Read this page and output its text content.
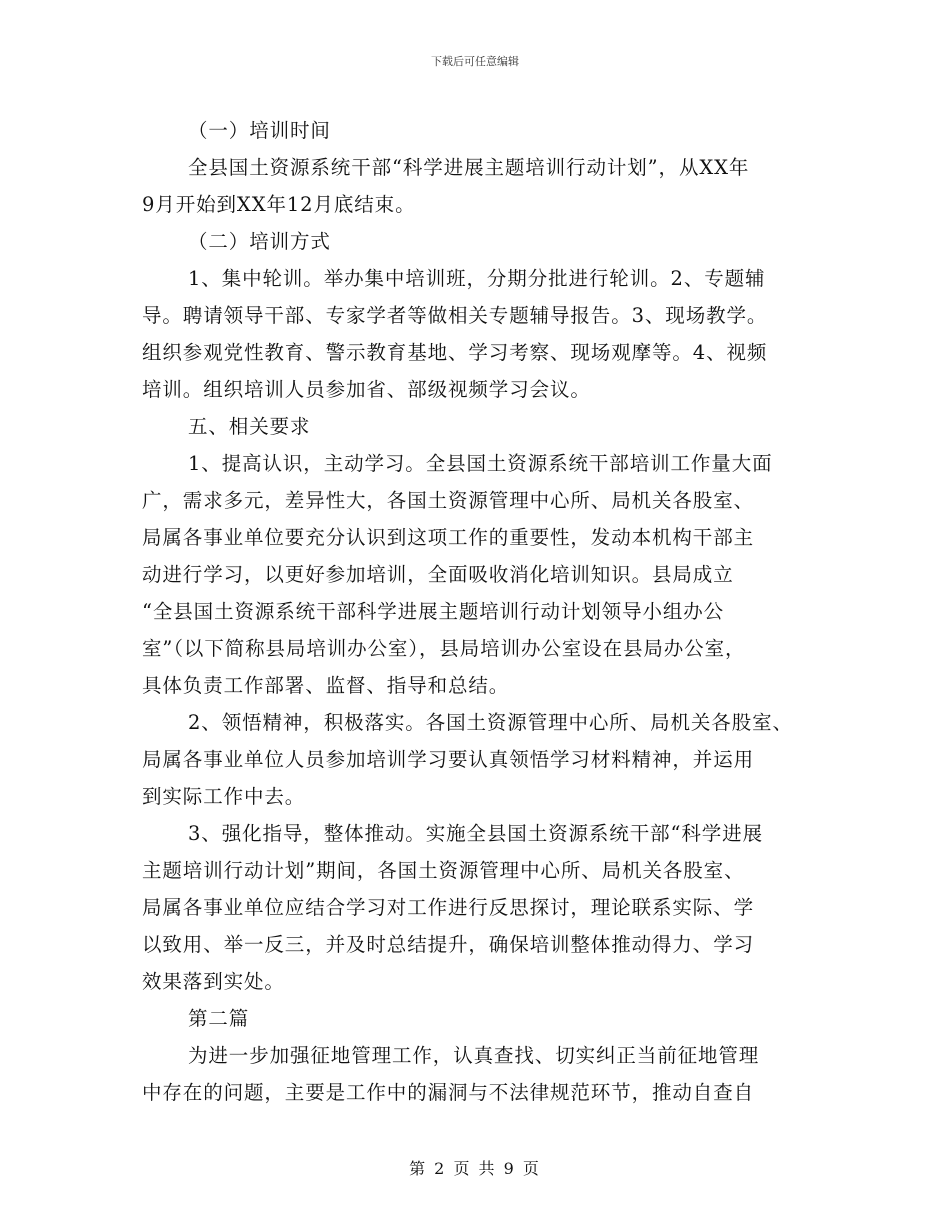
下载后可任意编辑
（一）培训时间
全县国土资源系统干部“科学进展主题培训行动计划”，从XX年
9月开始到XX年12月底结束。
（二）培训方式
1、集中轮训。举办集中培训班，分期分批进行轮训。2、专题辅
导。聘请领导干部、专家学者等做相关专题辅导报告。3、现场教学。
组织参观党性教育、警示教育基地、学习考察、现场观摩等。4、视频
培训。组织培训人员参加省、部级视频学习会议。
五、相关要求
1、提高认识，主动学习。全县国土资源系统干部培训工作量大面
广，需求多元，差异性大，各国土资源管理中心所、局机关各股室、
局属各事业单位要充分认识到这项工作的重要性，发动本机构干部主
动进行学习，以更好参加培训，全面吸收消化培训知识。县局成立
“全县国土资源系统干部科学进展主题培训行动计划领导小组办公
室”（以下简称县局培训办公室），县局培训办公室设在县局办公室，
具体负责工作部署、监督、指导和总结。
2、领悟精神，积极落实。各国土资源管理中心所、局机关各股室、
局属各事业单位人员参加培训学习要认真领悟学习材料精神，并运用
到实际工作中去。
3、强化指导，整体推动。实施全县国土资源系统干部“科学进展
主题培训行动计划”期间，各国土资源管理中心所、局机关各股室、
局属各事业单位应结合学习对工作进行反思探讨，理论联系实际、学
以致用、举一反三，并及时总结提升，确保培训整体推动得力、学习
效果落到实处。
第二篇
为进一步加强征地管理工作，认真查找、切实纠正当前征地管理
中存在的问题，主要是工作中的漏洞与不法律规范环节，推动自查自
第 2 页 共 9 页
